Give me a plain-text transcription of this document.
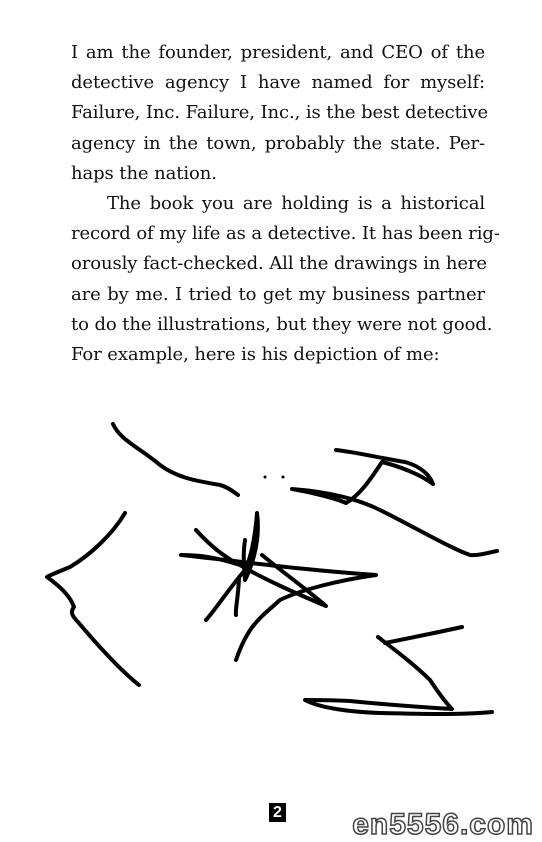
I am the founder, president, and CEO of the
detective agency I have named for myself:
Failure, Inc. Failure, Inc., is the best detective
agency in the town, probably the state. Per-
haps the nation.
The book you are holding is a historical
record of my life as a detective. It has been rig-
orously fact-checked. All the drawings in here
are by me. I tried to get my business partner
to do the illustrations, but they were not good.
For example, here is his depiction of me:
2 en5556.com
